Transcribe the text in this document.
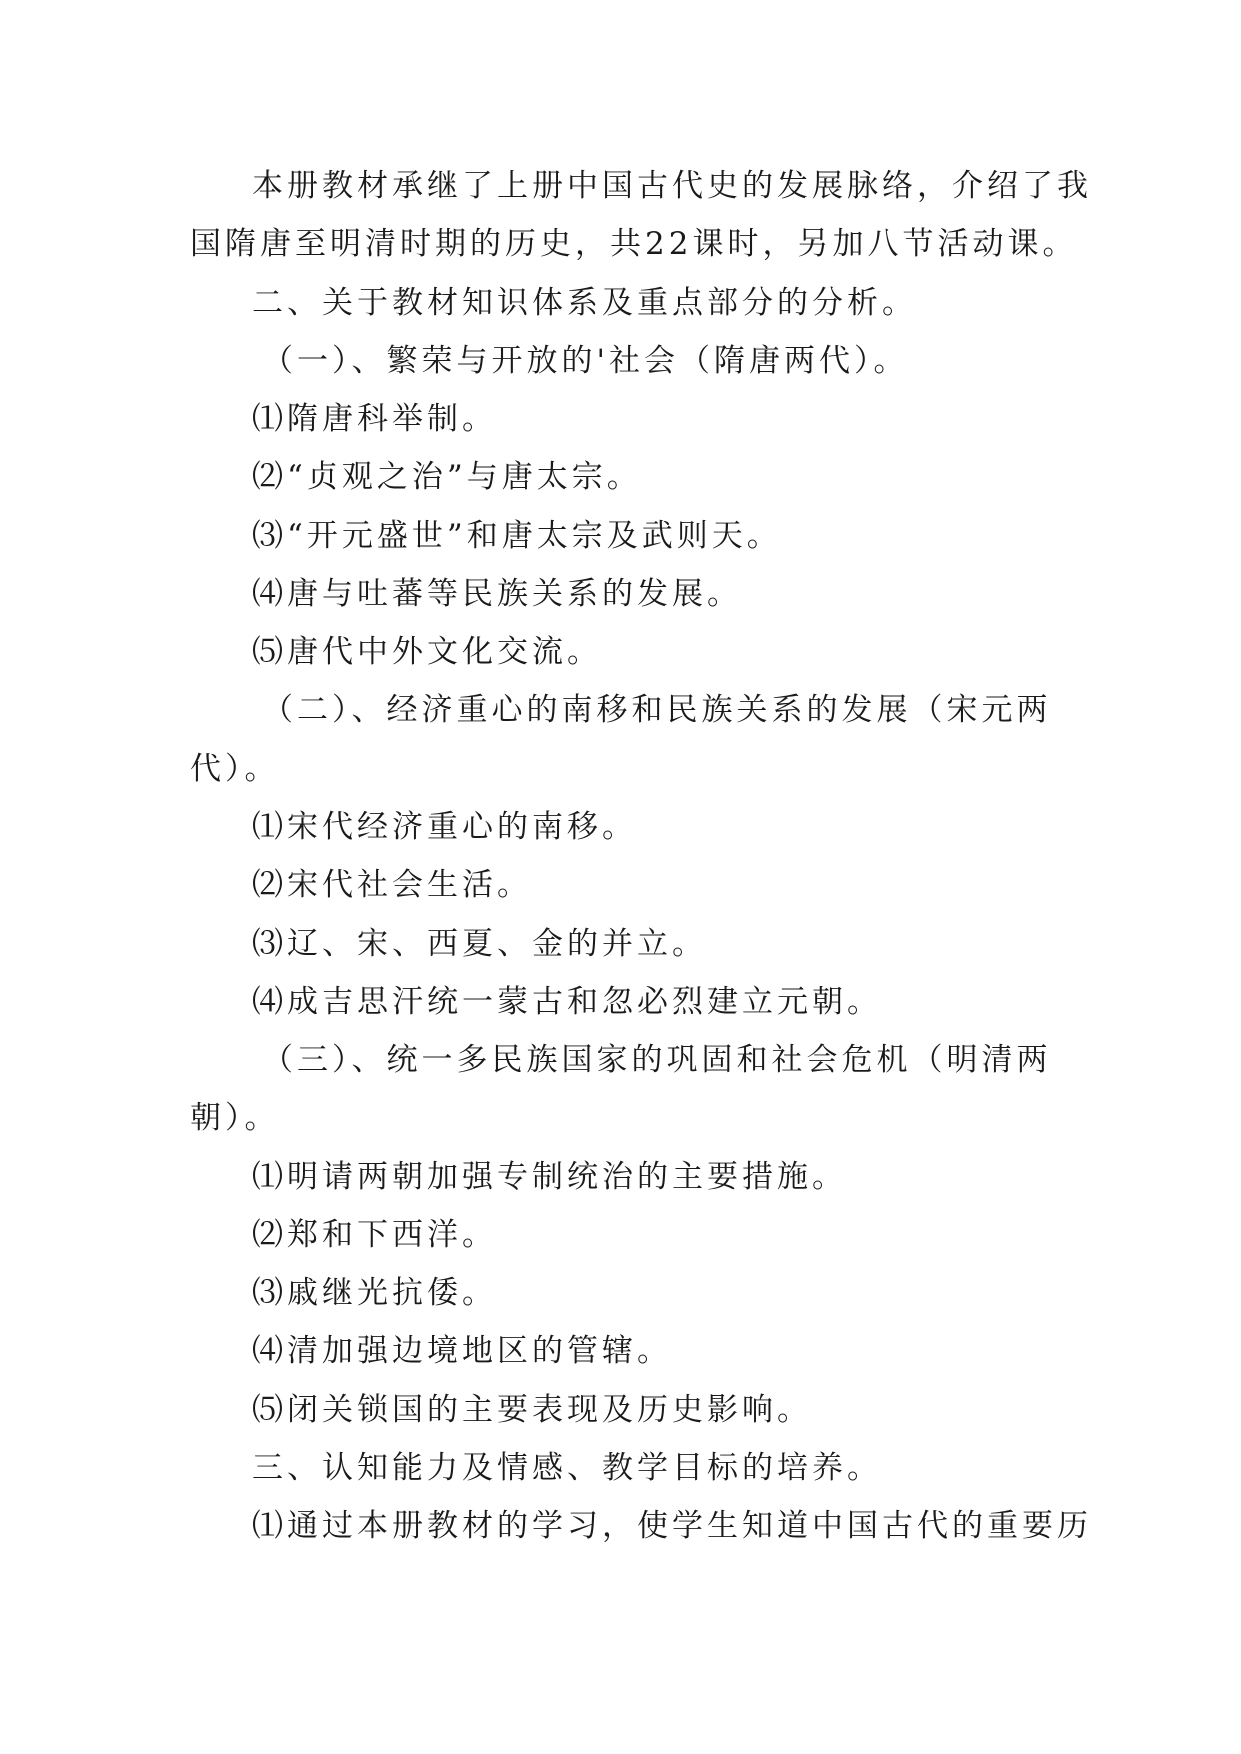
本册教材承继了上册中国古代史的发展脉络，介绍了我
国隋唐至明清时期的历史，共22课时，另加八节活动课。
二、关于教材知识体系及重点部分的分析。
（一）、繁荣与开放的'社会（隋唐两代）。
⑴隋唐科举制。
⑵“贞观之治”与唐太宗。
⑶“开元盛世”和唐太宗及武则天。
⑷唐与吐蕃等民族关系的发展。
⑸唐代中外文化交流。
（二）、经济重心的南移和民族关系的发展（宋元两
代）。
⑴宋代经济重心的南移。
⑵宋代社会生活。
⑶辽、宋、西夏、金的并立。
⑷成吉思汗统一蒙古和忽必烈建立元朝。
（三）、统一多民族国家的巩固和社会危机（明清两
朝）。
⑴明请两朝加强专制统治的主要措施。
⑵郑和下西洋。
⑶戚继光抗倭。
⑷清加强边境地区的管辖。
⑸闭关锁国的主要表现及历史影响。
三、认知能力及情感、教学目标的培养。
⑴通过本册教材的学习，使学生知道中国古代的重要历
